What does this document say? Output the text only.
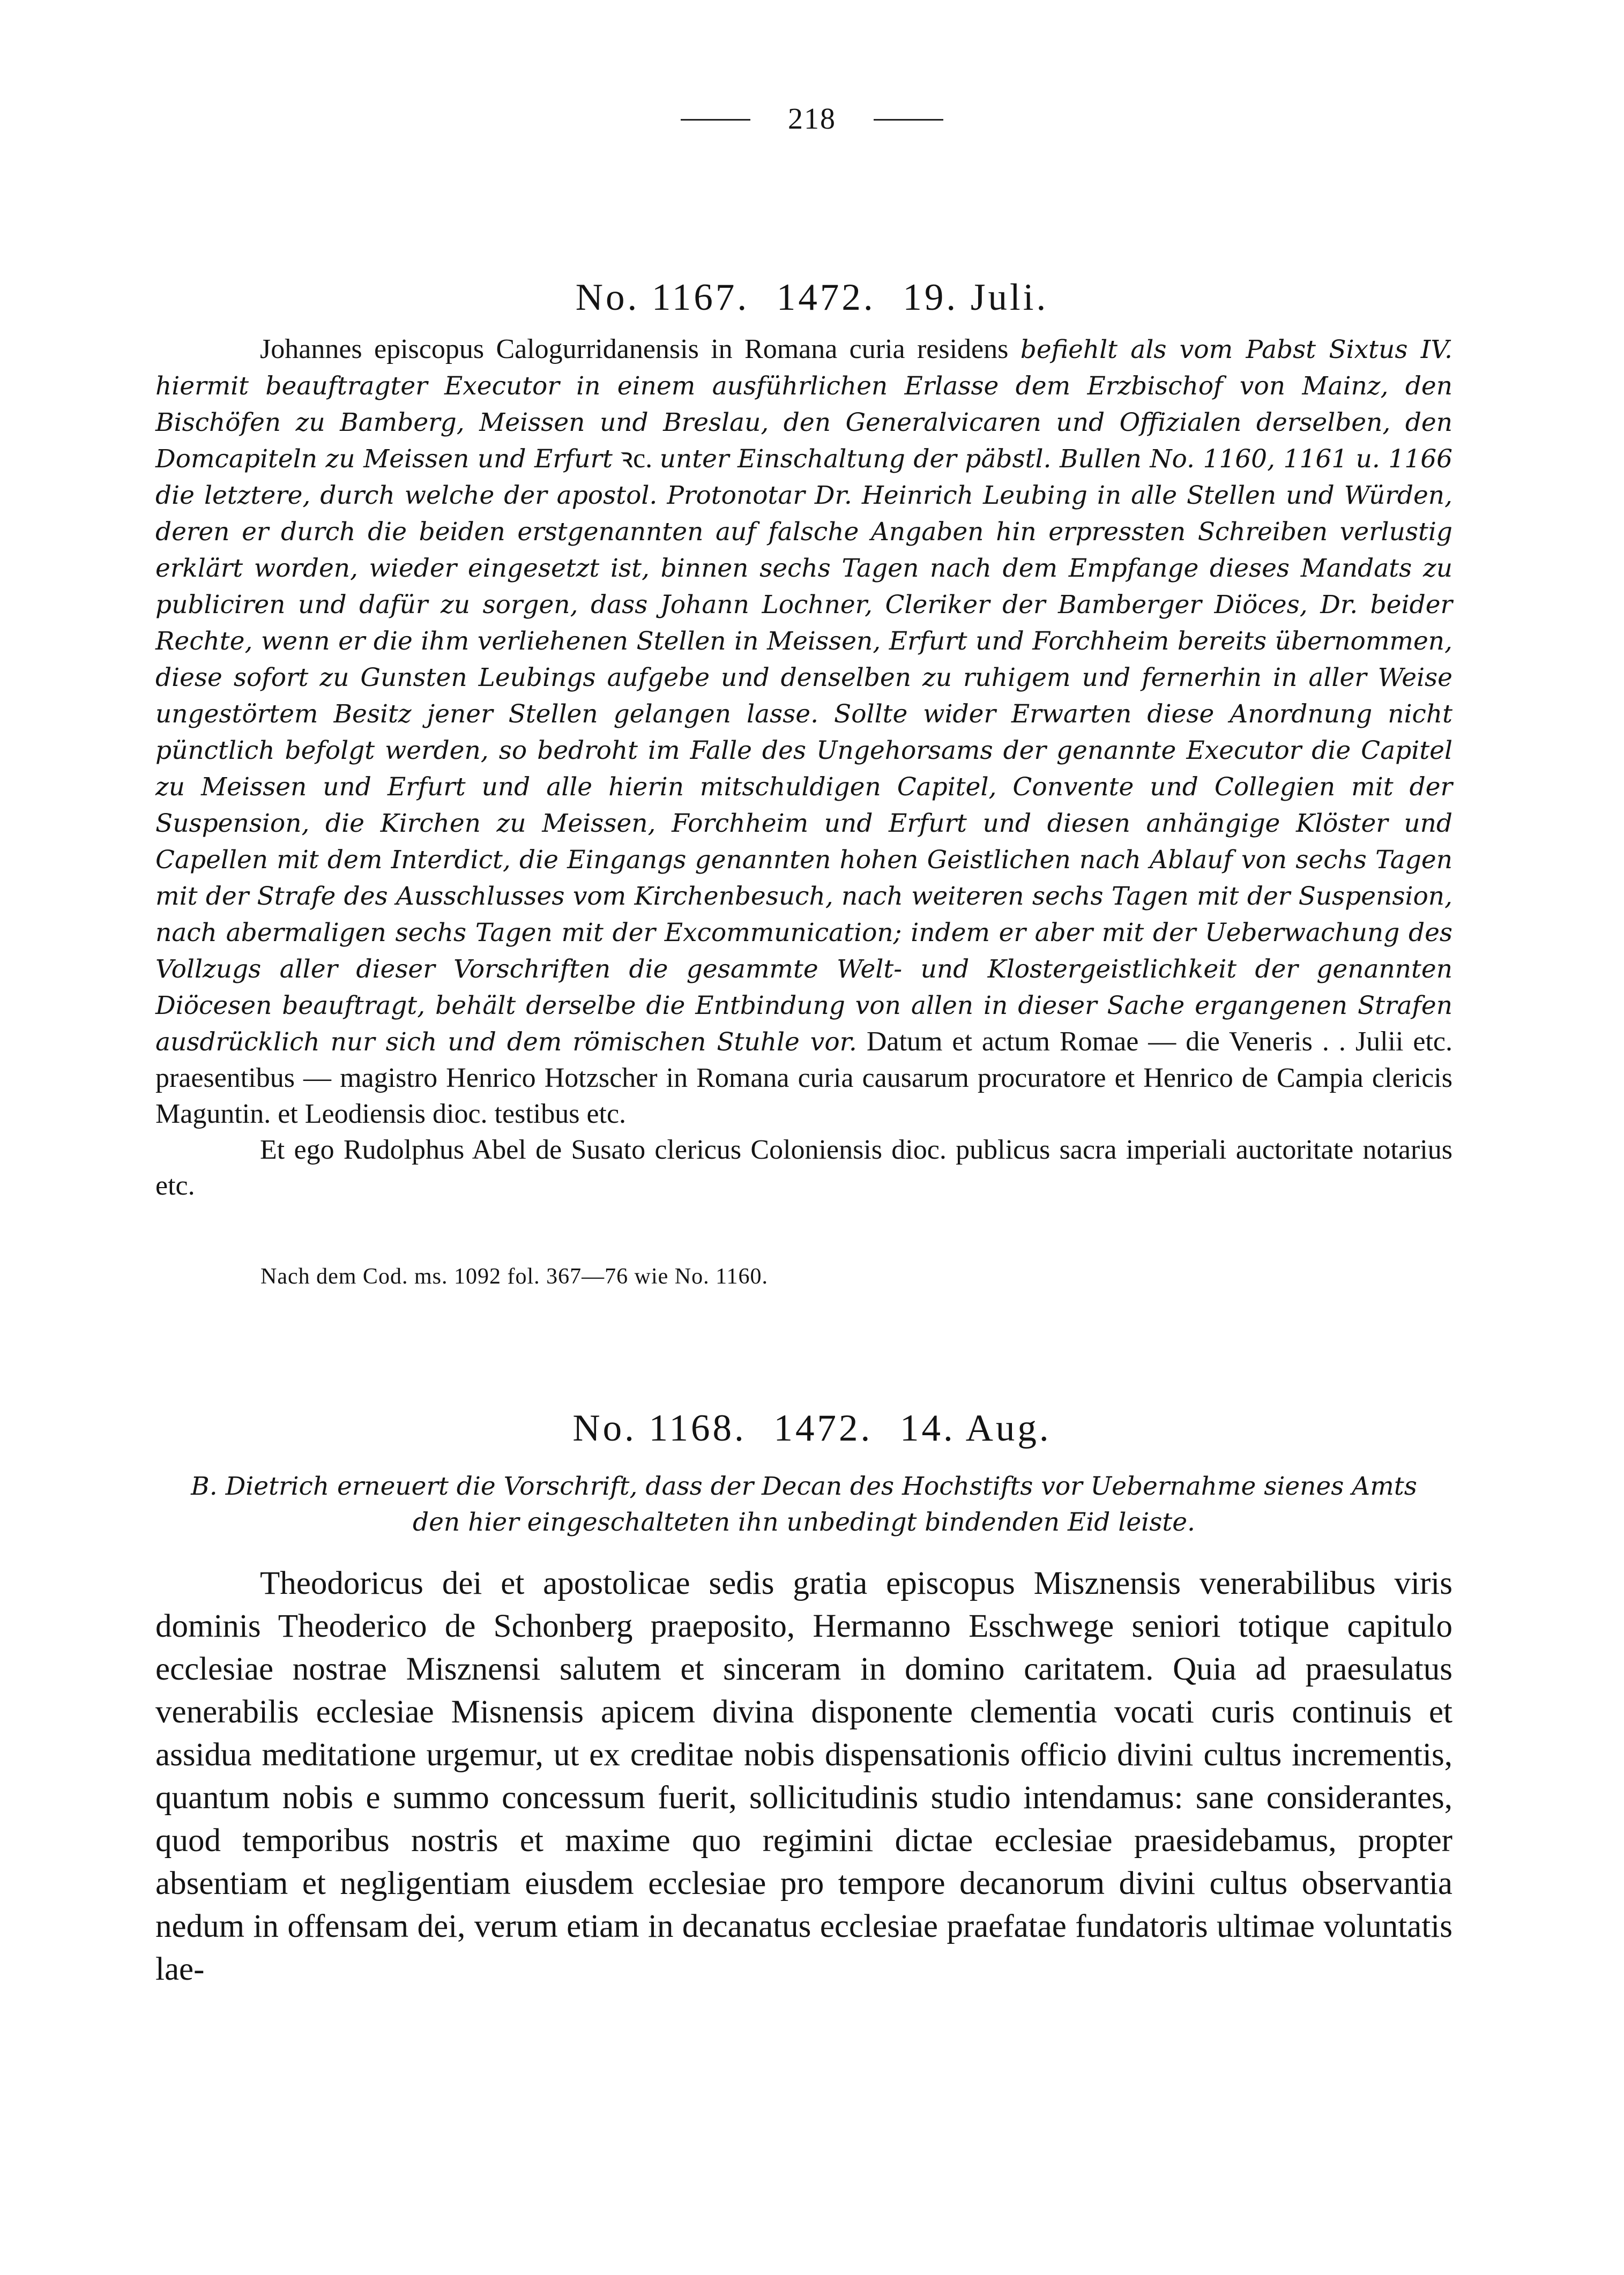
218
No. 1167. 1472. 19. Juli.

Johannes episcopus Calogurridanensis in Romana curia residens befiehlt als vom Pabst Sixtus IV. hiermit beauftragter Executor in einem ausführlichen Erlasse dem Erzbischof von Mainz, den Bischöfen zu Bamberg, Meissen und Breslau, den Generalvicaren und Offizialen derselben, den Domcapiteln zu Meissen und Erfurt ꝛc. unter Einschaltung der päbstl. Bullen No. 1160, 1161 u. 1166 die letztere, durch welche der apostol. Protonotar Dr. Heinrich Leubing in alle Stellen und Würden, deren er durch die beiden erstgenannten auf falsche Angaben hin erpressten Schreiben verlustig erklärt worden, wieder eingesetzt ist, binnen sechs Tagen nach dem Empfange dieses Mandats zu publiciren und dafür zu sorgen, dass Johann Lochner, Cleriker der Bamberger Diöces, Dr. beider Rechte, wenn er die ihm verliehenen Stellen in Meissen, Erfurt und Forchheim bereits übernommen, diese sofort zu Gunsten Leubings aufgebe und denselben zu ruhigem und fernerhin in aller Weise ungestörtem Besitz jener Stellen gelangen lasse. Sollte wider Erwarten diese Anordnung nicht pünctlich befolgt werden, so bedroht im Falle des Ungehorsams der genannte Executor die Capitel zu Meissen und Erfurt und alle hierin mitschuldigen Capitel, Convente und Collegien mit der Suspension, die Kirchen zu Meissen, Forchheim und Erfurt und diesen anhängige Klöster und Capellen mit dem Interdict, die Eingangs genannten hohen Geistlichen nach Ablauf von sechs Tagen mit der Strafe des Ausschlusses vom Kirchenbesuch, nach weiteren sechs Tagen mit der Suspension, nach abermaligen sechs Tagen mit der Excommunication; indem er aber mit der Ueberwachung des Vollzugs aller dieser Vorschriften die gesammte Welt- und Klostergeistlichkeit der genannten Diöcesen beauftragt, behält derselbe die Entbindung von allen in dieser Sache ergangenen Strafen ausdrücklich nur sich und dem römischen Stuhle vor. Datum et actum Romae — die Veneris . . Julii etc. praesentibus — magistro Henrico Hotzscher in Romana curia causarum procuratore et Henrico de Campia clericis Maguntin. et Leodiensis dioc. testibus etc.

Et ego Rudolphus Abel de Susato clericus Coloniensis dioc. publicus sacra imperiali auctoritate notarius etc.

Nach dem Cod. ms. 1092 fol. 367—76 wie No. 1160.
No. 1168. 1472. 14. Aug.
B. Dietrich erneuert die Vorschrift, dass der Decan des Hochstifts vor Uebernahme sienes Amts
den hier eingeschalteten ihn unbedingt bindenden Eid leiste.

Theodoricus dei et apostolicae sedis gratia episcopus Misznensis venerabilibus viris dominis Theoderico de Schonberg praeposito, Hermanno Esschwege seniori totique capitulo ecclesiae nostrae Misznensi salutem et sinceram in domino caritatem. Quia ad praesulatus venerabilis ecclesiae Misnensis apicem divina disponente clementia vocati curis continuis et assidua meditatione urgemur, ut ex creditae nobis dispensationis officio divini cultus incrementis, quantum nobis e summo concessum fuerit, sollicitudinis studio intendamus: sane considerantes, quod temporibus nostris et maxime quo regimini dictae ecclesiae praesidebamus, propter absentiam et negligentiam eiusdem ecclesiae pro tempore decanorum divini cultus observantia nedum in offensam dei, verum etiam in decanatus ecclesiae praefatae fundatoris ultimae voluntatis lae-
